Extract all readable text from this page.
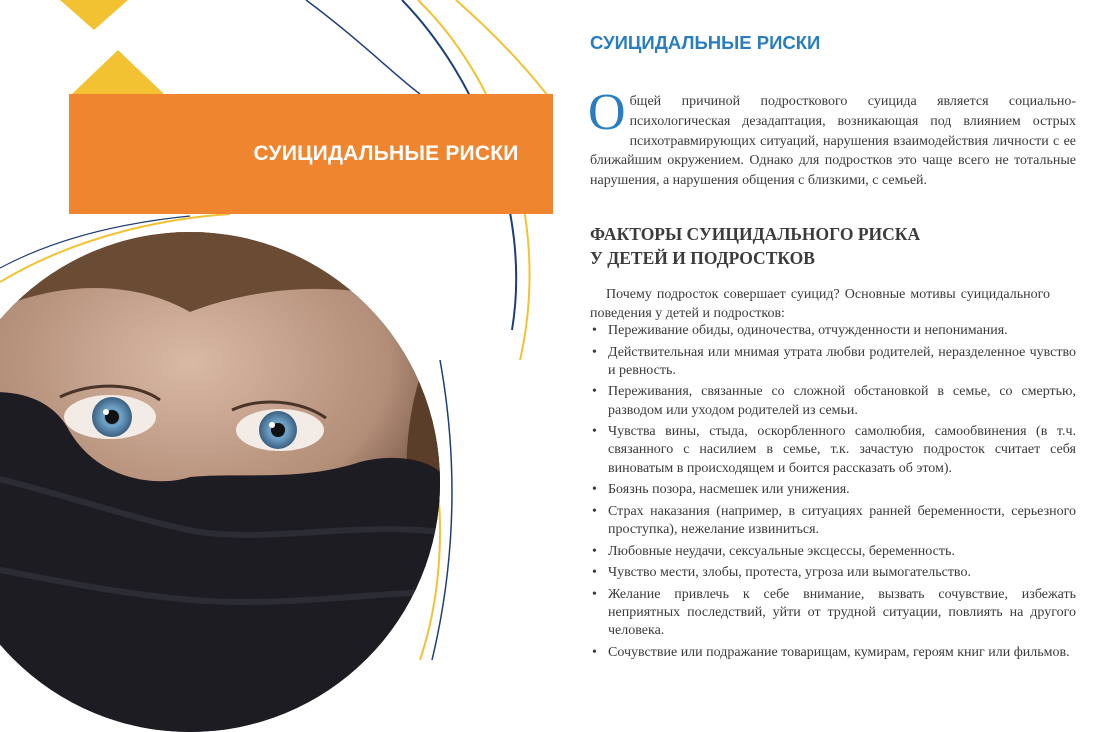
СУИЦИДАЛЬНЫЕ РИСКИ
СУИЦИДАЛЬНЫЕ РИСКИ
Общей причиной подросткового суицида является социально-психологическая дезадаптация, возникающая под влиянием острых психотравмирующих ситуаций, нарушения взаимодействия личности с ее ближайшим окружением. Однако для подростков это чаще всего не тотальные нарушения, а нарушения общения с близкими, с семьей.
ФАКТОРЫ СУИЦИДАЛЬНОГО РИСКА
У ДЕТЕЙ И ПОДРОСТКОВ
Почему подросток совершает суицид? Основные мотивы суицидального поведения у детей и подростков:
• Переживание обиды, одиночества, отчужденности и непонимания.
• Действительная или мнимая утрата любви родителей, неразделенное чувство и ревность.
• Переживания, связанные со сложной обстановкой в семье, со смертью, разводом или уходом родителей из семьи.
• Чувства вины, стыда, оскорбленного самолюбия, самообвинения (в т.ч. связанного с насилием в семье, т.к. зачастую подросток считает себя виноватым в происходящем и боится рассказать об этом).
• Боязнь позора, насмешек или унижения.
• Страх наказания (например, в ситуациях ранней беременности, серьезного проступка), нежелание извиниться.
• Любовные неудачи, сексуальные эксцессы, беременность.
• Чувство мести, злобы, протеста, угроза или вымогательство.
• Желание привлечь к себе внимание, вызвать сочувствие, избежать неприятных последствий, уйти от трудной ситуации, повлиять на другого человека.
• Сочувствие или подражание товарищам, кумирам, героям книг или фильмов.
